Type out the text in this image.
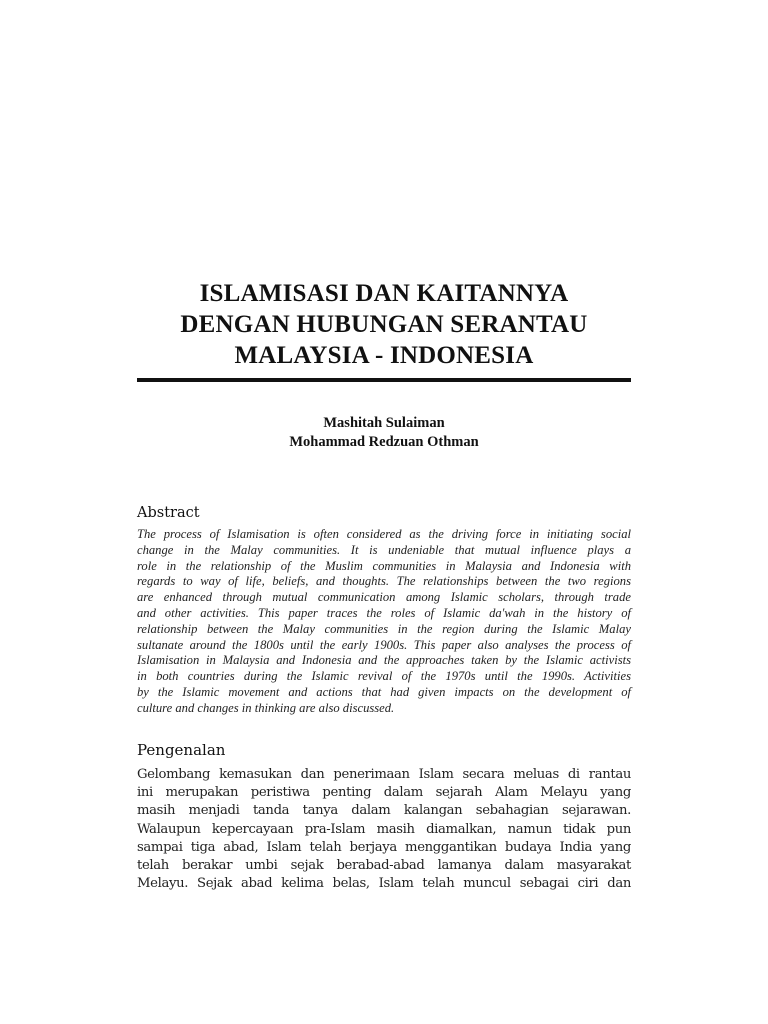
ISLAMISASI DAN KAITANNYA
DENGAN HUBUNGAN SERANTAU
MALAYSIA - INDONESIA
Mashitah Sulaiman
Mohammad Redzuan Othman
Abstract
The process of Islamisation is often considered as the driving force in initiating social
change in the Malay communities. It is undeniable that mutual influence plays a
role in the relationship of the Muslim communities in Malaysia and Indonesia with
regards to way of life, beliefs, and thoughts. The relationships between the two regions
are enhanced through mutual communication among Islamic scholars, through trade
and other activities. This paper traces the roles of Islamic da'wah in the history of
relationship between the Malay communities in the region during the Islamic Malay
sultanate around the 1800s until the early 1900s. This paper also analyses the process of
Islamisation in Malaysia and Indonesia and the approaches taken by the Islamic activists
in both countries during the Islamic revival of the 1970s until the 1990s. Activities
by the Islamic movement and actions that had given impacts on the development of
culture and changes in thinking are also discussed.
Pengenalan
Gelombang kemasukan dan penerimaan Islam secara meluas di rantau
ini merupakan peristiwa penting dalam sejarah Alam Melayu yang
masih menjadi tanda tanya dalam kalangan sebahagian sejarawan.
Walaupun kepercayaan pra-Islam masih diamalkan, namun tidak pun
sampai tiga abad, Islam telah berjaya menggantikan budaya India yang
telah berakar umbi sejak berabad-abad lamanya dalam masyarakat
Melayu. Sejak abad kelima belas, Islam telah muncul sebagai ciri dan
